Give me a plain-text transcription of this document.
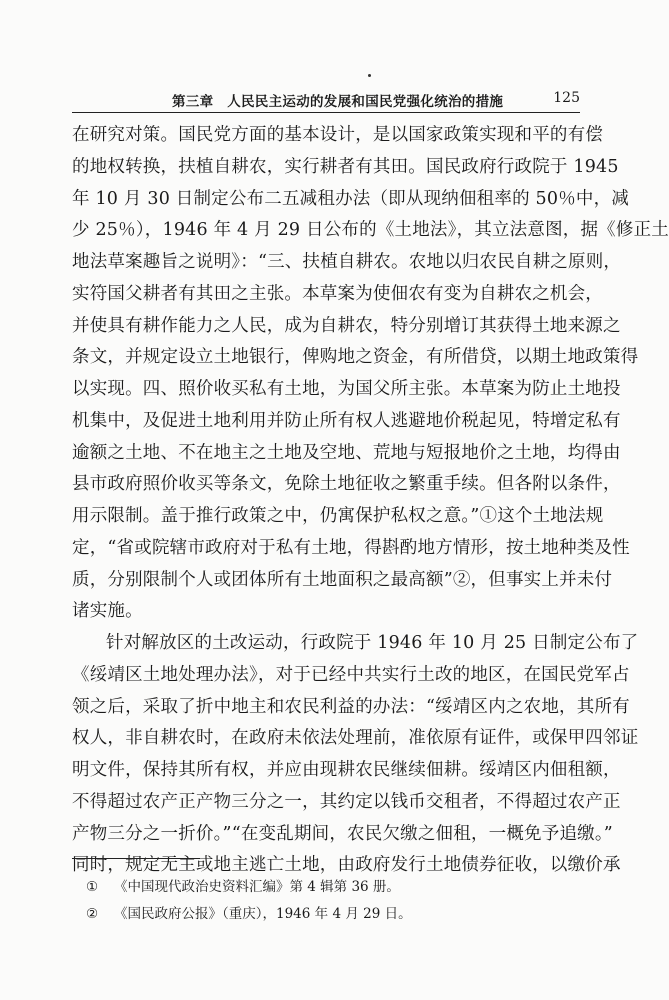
第三章　人民民主运动的发展和国民党强化统治的措施	125
在研究对策。国民党方面的基本设计，是以国家政策实现和平的有偿
的地权转换，扶植自耕农，实行耕者有其田。国民政府行政院于 1945
年 10 月 30 日制定公布二五减租办法（即从现纳佃租率的 50％中，减
少 25％），1946 年 4 月 29 日公布的《土地法》，其立法意图，据《修正土
地法草案趣旨之说明》：“三、扶植自耕农。农地以归农民自耕之原则，
实符国父耕者有其田之主张。本草案为使佃农有变为自耕农之机会，
并使具有耕作能力之人民，成为自耕农，特分别增订其获得土地来源之
条文，并规定设立土地银行，俾购地之资金，有所借贷，以期土地政策得
以实现。四、照价收买私有土地，为国父所主张。本草案为防止土地投
机集中，及促进土地利用并防止所有权人逃避地价税起见，特增定私有
逾额之土地、不在地主之土地及空地、荒地与短报地价之土地，均得由
县市政府照价收买等条文，免除土地征收之繁重手续。但各附以条件，
用示限制。盖于推行政策之中，仍寓保护私权之意。”①这个土地法规
定，“省或院辖市政府对于私有土地，得斟酌地方情形，按土地种类及性
质，分别限制个人或团体所有土地面积之最高额”②，但事实上并未付
诸实施。
针对解放区的土改运动，行政院于 1946 年 10 月 25 日制定公布了
《绥靖区土地处理办法》，对于已经中共实行土改的地区，在国民党军占
领之后，采取了折中地主和农民利益的办法：“绥靖区内之农地，其所有
权人，非自耕农时，在政府未依法处理前，准依原有证件，或保甲四邻证
明文件，保持其所有权，并应由现耕农民继续佃耕。绥靖区内佃租额，
不得超过农产正产物三分之一，其约定以钱币交租者，不得超过农产正
产物三分之一折价。”“在变乱期间，农民欠缴之佃租，一概免予追缴。”
同时，规定无主或地主逃亡土地，由政府发行土地债券征收，以缴价承
① 《中国现代政治史资料汇编》第 4 辑第 36 册。
② 《国民政府公报》（重庆），1946 年 4 月 29 日。
